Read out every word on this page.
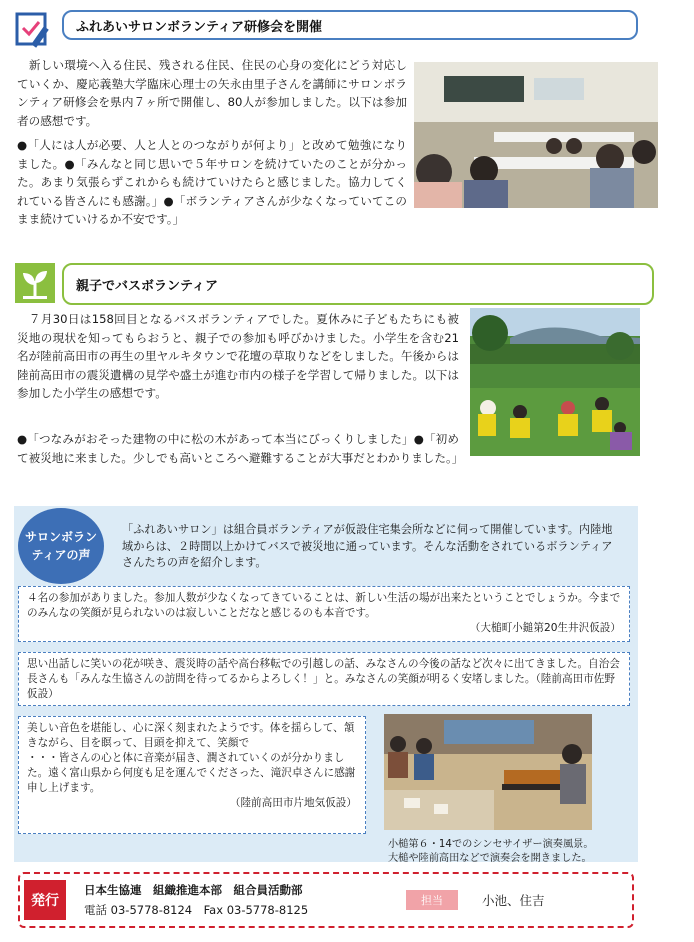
ふれあいサロンボランティア研修会を開催
　新しい環境へ入る住民、残される住民、住民の心身の変化にどう対応していくか、慶応義塾大学臨床心理士の矢永由里子さんを講師にサロンボランティア研修会を県内７ヶ所で開催し、80人が参加しました。以下は参加者の感想です。
●「人には人が必要、人と人とのつながりが何より」と改めて勉強になりました。●「みんなと同じ思いで５年サロンを続けていたのことが分かった。あまり気張らずこれからも続けていけたらと感じました。協力してくれている皆さんにも感謝。」●「ボランティアさんが少なくなっていてこのまま続けていけるか不安です。」
親子でバスボランティア
　７月30日は158回目となるバスボランティアでした。夏休みに子どもたちにも被災地の現状を知ってもらおうと、親子での参加も呼びかけました。小学生を含む21名が陸前高田市の再生の里ヤルキタウンで花壇の草取りなどをしました。午後からは陸前高田市の震災遺構の見学や盛土が進む市内の様子を学習して帰りました。以下は参加した小学生の感想です。
●「つなみがおそった建物の中に松の木があって本当にびっくりしました」●「初めて被災地に来ました。少しでも高いところへ避難することが大事だとわかりました。」
サロンボラン
ティアの声
「ふれあいサロン」は組合員ボランティアが仮設住宅集会所などに伺って開催しています。内陸地域からは、２時間以上かけてバスで被災地に通っています。そんな活動をされているボランティアさんたちの声を紹介します。
４名の参加がありました。参加人数が少なくなってきていることは、新しい生活の場が出来たということでしょうか。今までのみんなの笑顔が見られないのは寂しいことだなと感じるのも本音です。
（大槌町小鎚第20生井沢仮設）
思い出話しに笑いの花が咲き、震災時の話や高台移転での引越しの話、みなさんの今後の話など次々に出てきました。自治会長さんも「みんな生協さんの訪問を待ってるからよろしく！」と。みなさんの笑顔が明るく安堵しました。（陸前高田市佐野仮設）
美しい音色を堪能し、心に深く刻まれたようです。体を揺らして、頷きながら、目を瞑って、目頭を抑えて、笑顔で
・・・皆さんの心と体に音楽が届き、潤されていくのが分かりました。遠く富山県から何度も足を運んでくださった、滝沢卓さんに感謝申し上げます。
（陸前高田市片地気仮設）
小槌第６・14でのシンセサイザー演奏風景。
大槌や陸前高田などで演奏会を開きました。
発行
日本生協連　組織推進本部　組合員活動部
電話 03-5778-8124　Fax 03-5778-8125
担当	小池、住吉
